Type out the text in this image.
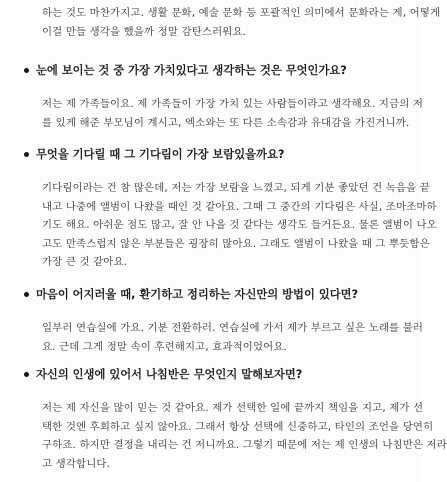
하는 것도 마찬가지고. 생활 문화, 예술 문화 등 포괄적인 의미에서 문화라는 게, 어떻게
이걸 만들 생각을 했을까 정말 감탄스러워요.
눈에 보이는 것 중 가장 가치있다고 생각하는 것은 무엇인가요?
저는 제 가족들이요. 제 가족들이 가장 가치 있는 사람들이라고 생각해요. 지금의 저
를 있게 해준 부모님이 계시고, 엑소와는 또 다른 소속감과 유대감을 가진거니까.
무엇을 기다릴 때 그 기다림이 가장 보람있을까요?
기다림이라는 건 참 많은데, 저는 가장 보람을 느꼈고, 되게 기분 좋았던 건 녹음을 끝
내고 나중에 앨범이 나왔을 때인 것 같아요. 그때 그 중간의 기다림은 사실, 조마조마하
기도 해요. 아쉬운 점도 많고, 잘 안 나올 것 같다는 생각도 들거든요. 물론 앨범이 나오
고도 만족스럽지 않은 부분들은 굉장히 많아요. 그래도 앨범이 나왔을 때 그 뿌듯함은
가장 큰 것 같아요.
마음이 어지러울 때, 환기하고 정리하는 자신만의 방법이 있다면?
일부러 연습실에 가요. 기분 전환하러. 연습실에 가서 제가 부르고 싶은 노래를 불러
요. 근데 그게 정말 속이 후련해지고, 효과적이었어요.
자신의 인생에 있어서 나침반은 무엇인지 말해보자면?
저는 제 자신을 많이 믿는 것 같아요. 제가 선택한 일에 끝까지 책임을 지고, 제가 선
택한 것엔 후회하고 싶지 않아요. 그래서 항상 선택에 신중하고, 타인의 조언을 당연히
구하죠. 하지만 결정을 내리는 건 저니까요. 그렇기 때문에 저는 제 인생의 나침반은 저라
고 생각합니다.
